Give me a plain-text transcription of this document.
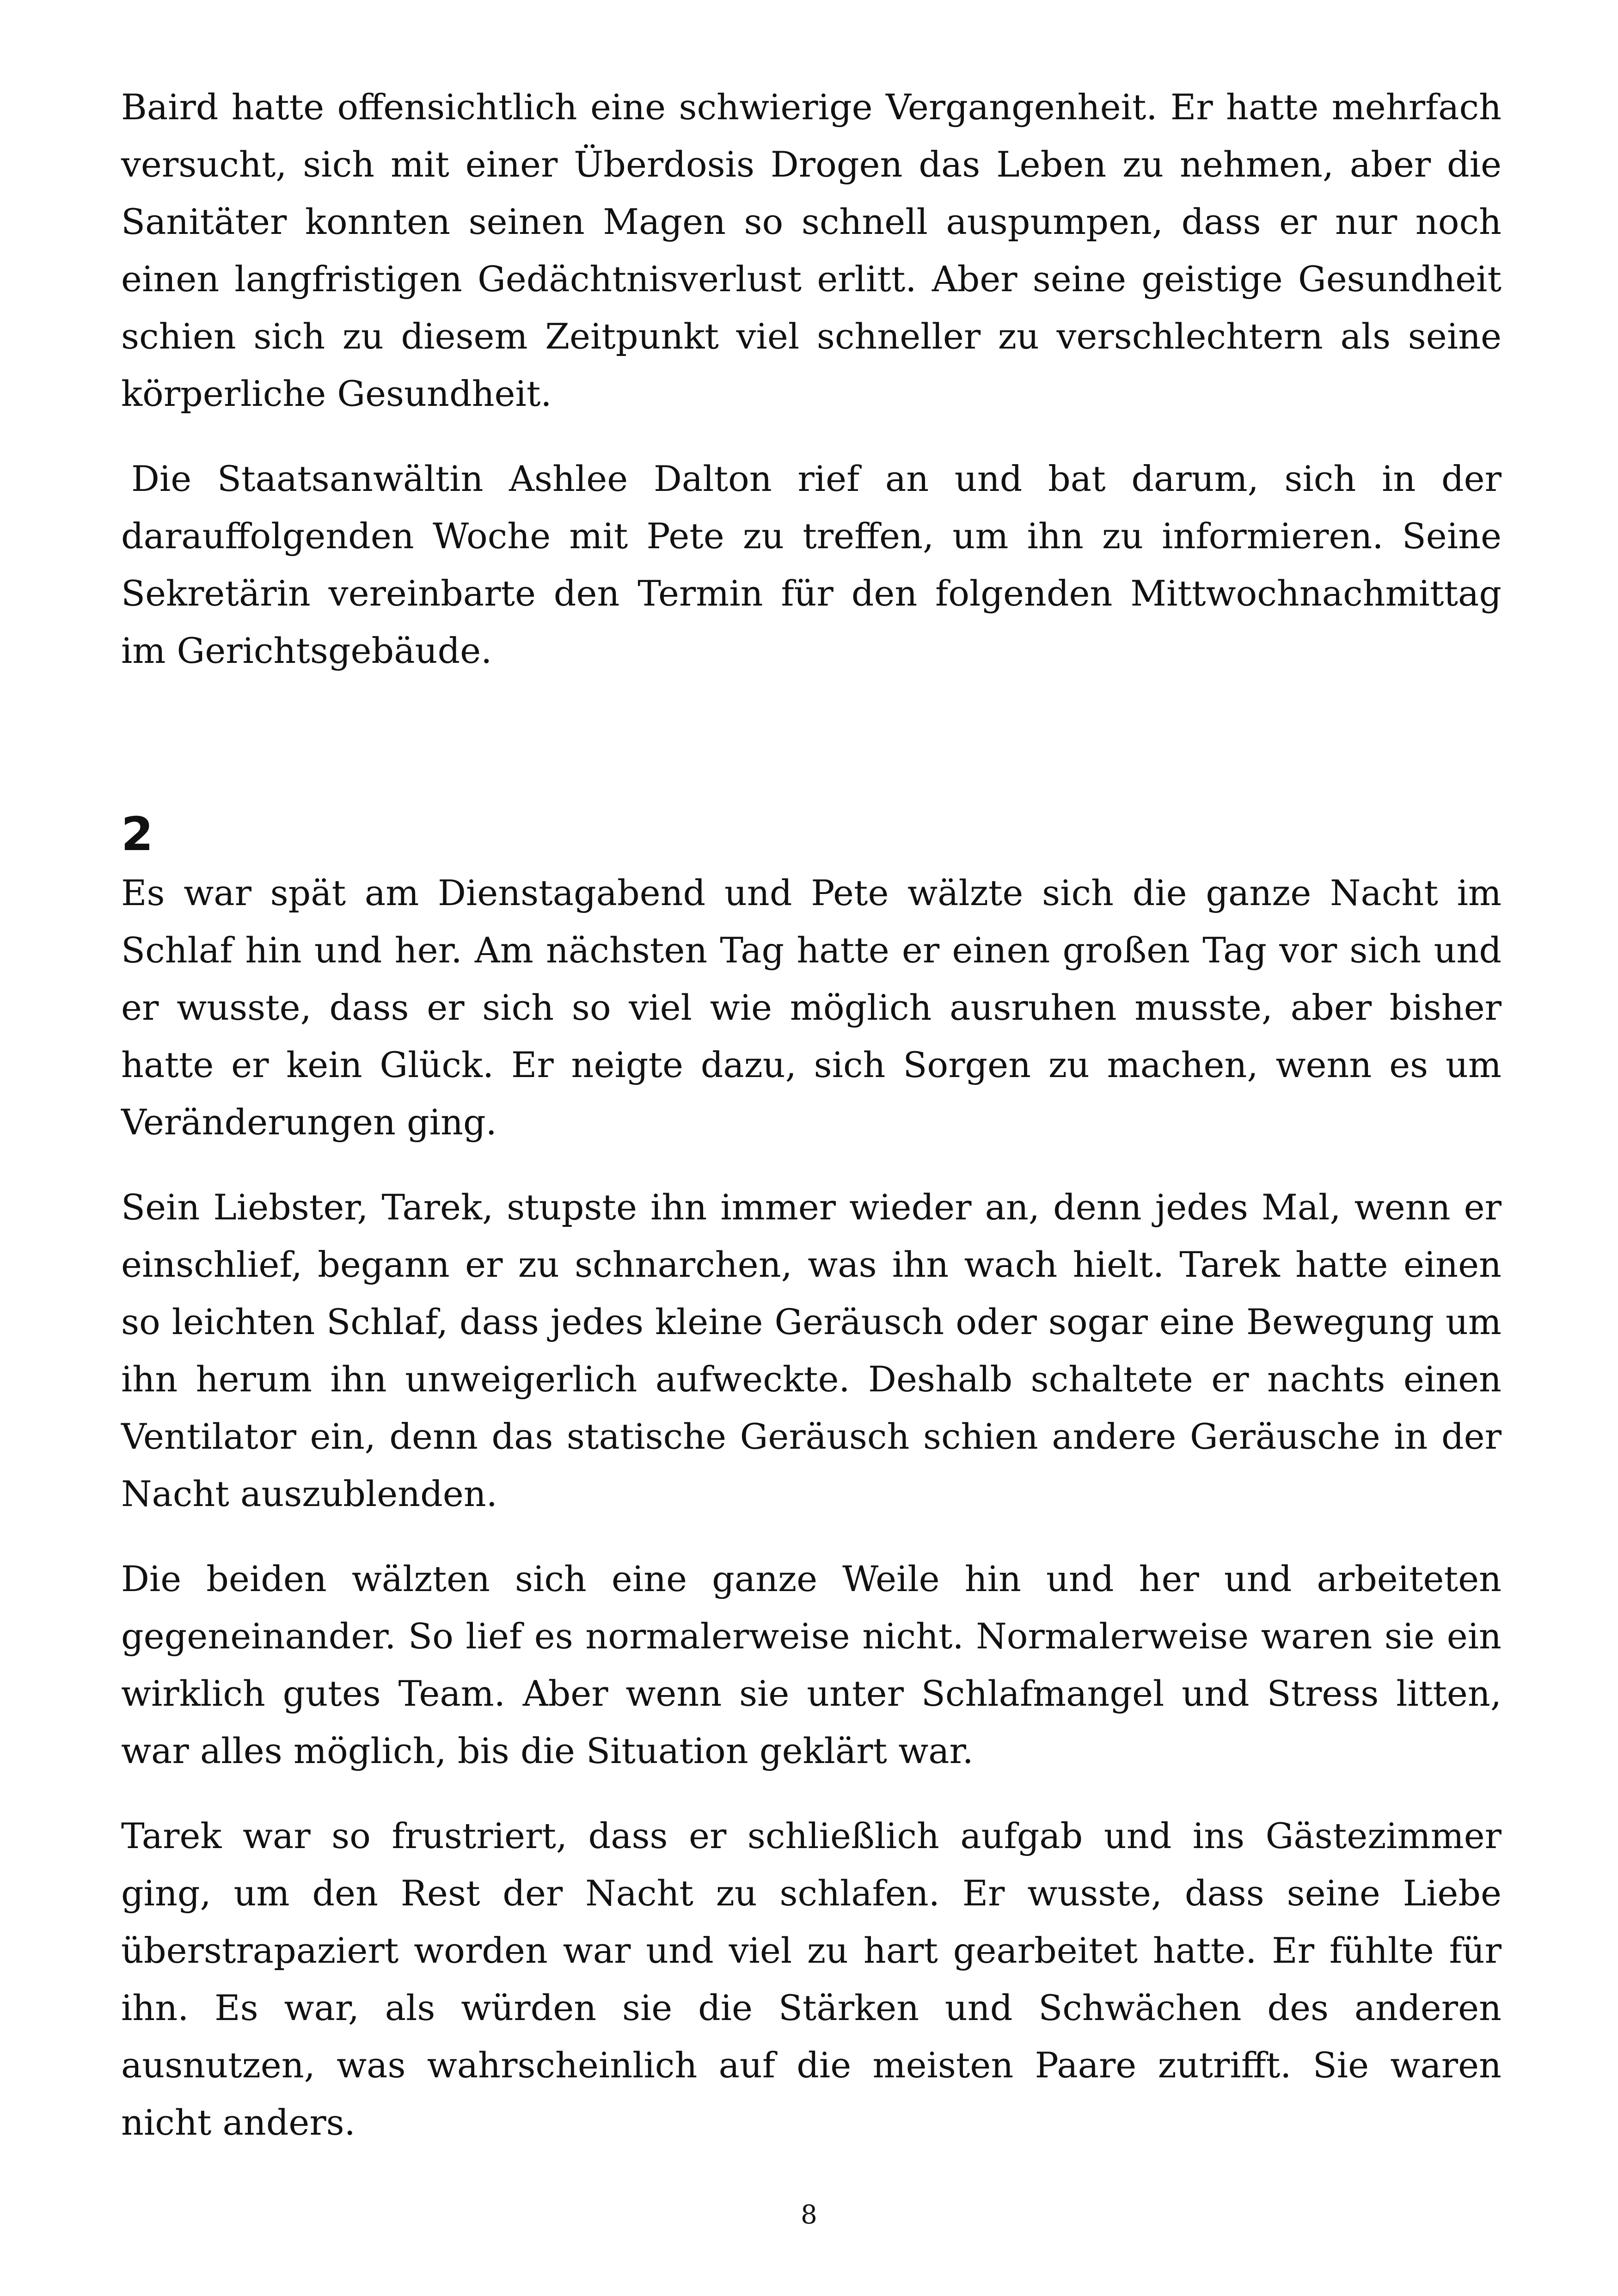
Baird hatte offensichtlich eine schwierige Vergangenheit. Er hatte mehrfach versucht, sich mit einer Überdosis Drogen das Leben zu nehmen, aber die Sanitäter konnten seinen Magen so schnell auspumpen, dass er nur noch einen langfristigen Gedächtnisverlust erlitt. Aber seine geistige Gesundheit schien sich zu diesem Zeitpunkt viel schneller zu verschlechtern als seine körperliche Gesundheit.

Die Staatsanwältin Ashlee Dalton rief an und bat darum, sich in der darauffolgenden Woche mit Pete zu treffen, um ihn zu informieren. Seine Sekretärin vereinbarte den Termin für den folgenden Mittwochnachmittag im Gerichtsgebäude.

2

Es war spät am Dienstagabend und Pete wälzte sich die ganze Nacht im Schlaf hin und her. Am nächsten Tag hatte er einen großen Tag vor sich und er wusste, dass er sich so viel wie möglich ausruhen musste, aber bisher hatte er kein Glück. Er neigte dazu, sich Sorgen zu machen, wenn es um Veränderungen ging.

Sein Liebster, Tarek, stupste ihn immer wieder an, denn jedes Mal, wenn er einschlief, begann er zu schnarchen, was ihn wach hielt. Tarek hatte einen so leichten Schlaf, dass jedes kleine Geräusch oder sogar eine Bewegung um ihn herum ihn unweigerlich aufweckte. Deshalb schaltete er nachts einen Ventilator ein, denn das statische Geräusch schien andere Geräusche in der Nacht auszublenden.

Die beiden wälzten sich eine ganze Weile hin und her und arbeiteten gegeneinander. So lief es normalerweise nicht. Normalerweise waren sie ein wirklich gutes Team. Aber wenn sie unter Schlafmangel und Stress litten, war alles möglich, bis die Situation geklärt war.

Tarek war so frustriert, dass er schließlich aufgab und ins Gästezimmer ging, um den Rest der Nacht zu schlafen. Er wusste, dass seine Liebe überstrapaziert worden war und viel zu hart gearbeitet hatte. Er fühlte für ihn. Es war, als würden sie die Stärken und Schwächen des anderen ausnutzen, was wahrscheinlich auf die meisten Paare zutrifft. Sie waren nicht anders.

8
